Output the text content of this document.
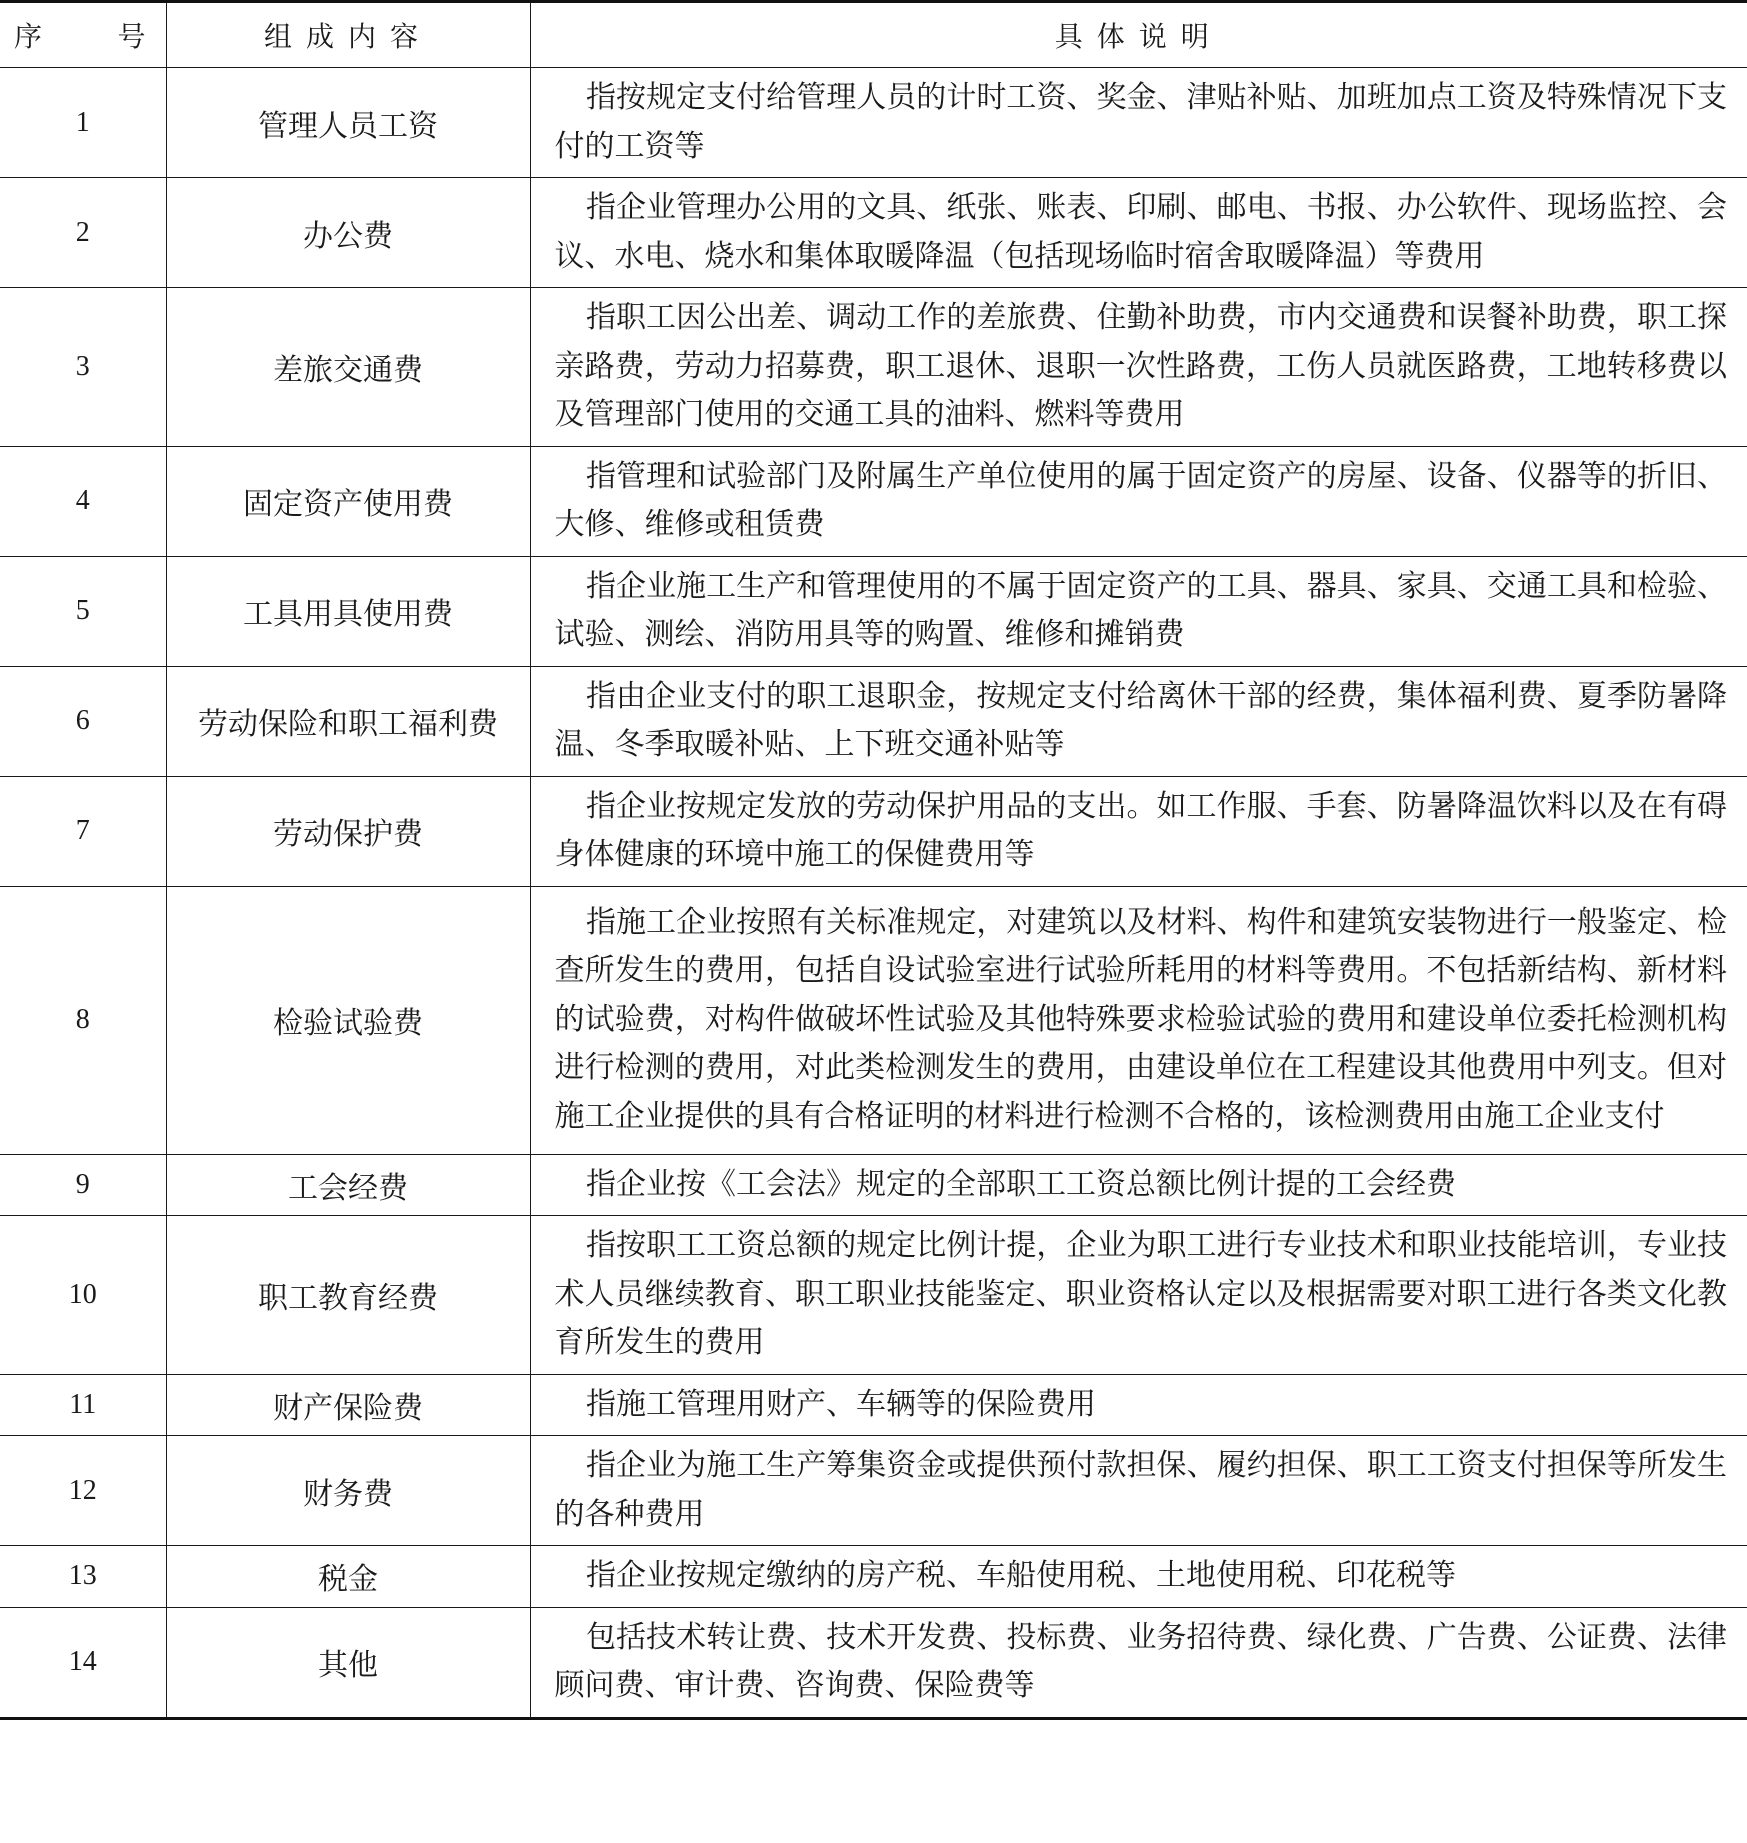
序 号	组成内容	具体说明
1	管理人员工资	指按规定支付给管理人员的计时工资、奖金、津贴补贴、加班加点工资及特殊情况下支付的工资等
2	办公费	指企业管理办公用的文具、纸张、账表、印刷、邮电、书报、办公软件、现场监控、会议、水电、烧水和集体取暖降温（包括现场临时宿舍取暖降温）等费用
3	差旅交通费	指职工因公出差、调动工作的差旅费、住勤补助费，市内交通费和误餐补助费，职工探亲路费，劳动力招募费，职工退休、退职一次性路费，工伤人员就医路费，工地转移费以及管理部门使用的交通工具的油料、燃料等费用
4	固定资产使用费	指管理和试验部门及附属生产单位使用的属于固定资产的房屋、设备、仪器等的折旧、大修、维修或租赁费
5	工具用具使用费	指企业施工生产和管理使用的不属于固定资产的工具、器具、家具、交通工具和检验、试验、测绘、消防用具等的购置、维修和摊销费
6	劳动保险和职工福利费	指由企业支付的职工退职金，按规定支付给离休干部的经费，集体福利费、夏季防暑降温、冬季取暖补贴、上下班交通补贴等
7	劳动保护费	指企业按规定发放的劳动保护用品的支出。如工作服、手套、防暑降温饮料以及在有碍身体健康的环境中施工的保健费用等
8	检验试验费	指施工企业按照有关标准规定，对建筑以及材料、构件和建筑安装物进行一般鉴定、检查所发生的费用，包括自设试验室进行试验所耗用的材料等费用。不包括新结构、新材料的试验费，对构件做破坏性试验及其他特殊要求检验试验的费用和建设单位委托检测机构进行检测的费用，对此类检测发生的费用，由建设单位在工程建设其他费用中列支。但对施工企业提供的具有合格证明的材料进行检测不合格的，该检测费用由施工企业支付
9	工会经费	指企业按《工会法》规定的全部职工工资总额比例计提的工会经费
10	职工教育经费	指按职工工资总额的规定比例计提，企业为职工进行专业技术和职业技能培训，专业技术人员继续教育、职工职业技能鉴定、职业资格认定以及根据需要对职工进行各类文化教育所发生的费用
11	财产保险费	指施工管理用财产、车辆等的保险费用
12	财务费	指企业为施工生产筹集资金或提供预付款担保、履约担保、职工工资支付担保等所发生的各种费用
13	税金	指企业按规定缴纳的房产税、车船使用税、土地使用税、印花税等
14	其他	包括技术转让费、技术开发费、投标费、业务招待费、绿化费、广告费、公证费、法律顾问费、审计费、咨询费、保险费等
